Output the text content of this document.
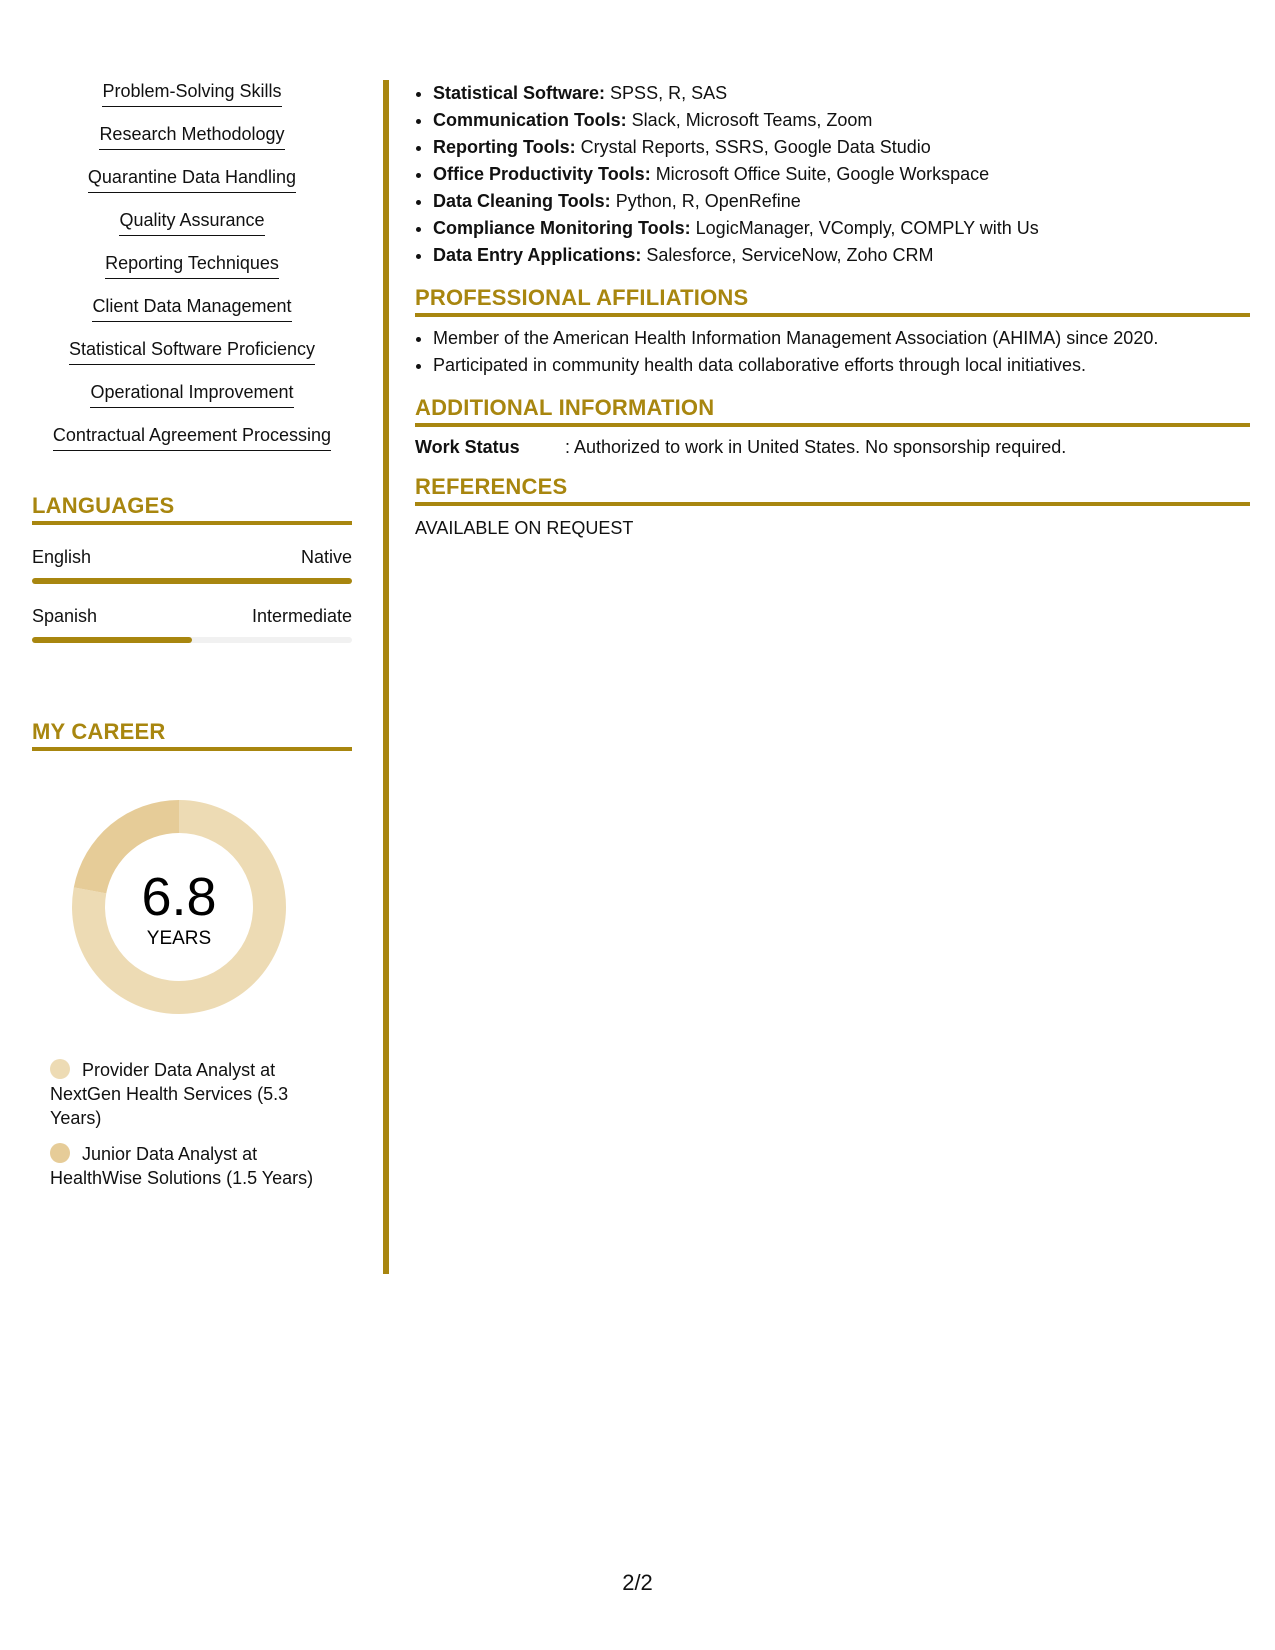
Problem-Solving Skills
Research Methodology
Quarantine Data Handling
Quality Assurance
Reporting Techniques
Client Data Management
Statistical Software Proficiency
Operational Improvement
Contractual Agreement Processing
LANGUAGES
English	Native
Spanish	Intermediate
MY CAREER
6.8
YEARS
Provider Data Analyst at NextGen Health Services (5.3 Years)
Junior Data Analyst at HealthWise Solutions (1.5 Years)
• Statistical Software: SPSS, R, SAS
• Communication Tools: Slack, Microsoft Teams, Zoom
• Reporting Tools: Crystal Reports, SSRS, Google Data Studio
• Office Productivity Tools: Microsoft Office Suite, Google Workspace
• Data Cleaning Tools: Python, R, OpenRefine
• Compliance Monitoring Tools: LogicManager, VComply, COMPLY with Us
• Data Entry Applications: Salesforce, ServiceNow, Zoho CRM
PROFESSIONAL AFFILIATIONS
• Member of the American Health Information Management Association (AHIMA) since 2020.
• Participated in community health data collaborative efforts through local initiatives.
ADDITIONAL INFORMATION
Work Status	: Authorized to work in United States. No sponsorship required.
REFERENCES
AVAILABLE ON REQUEST
2/2
